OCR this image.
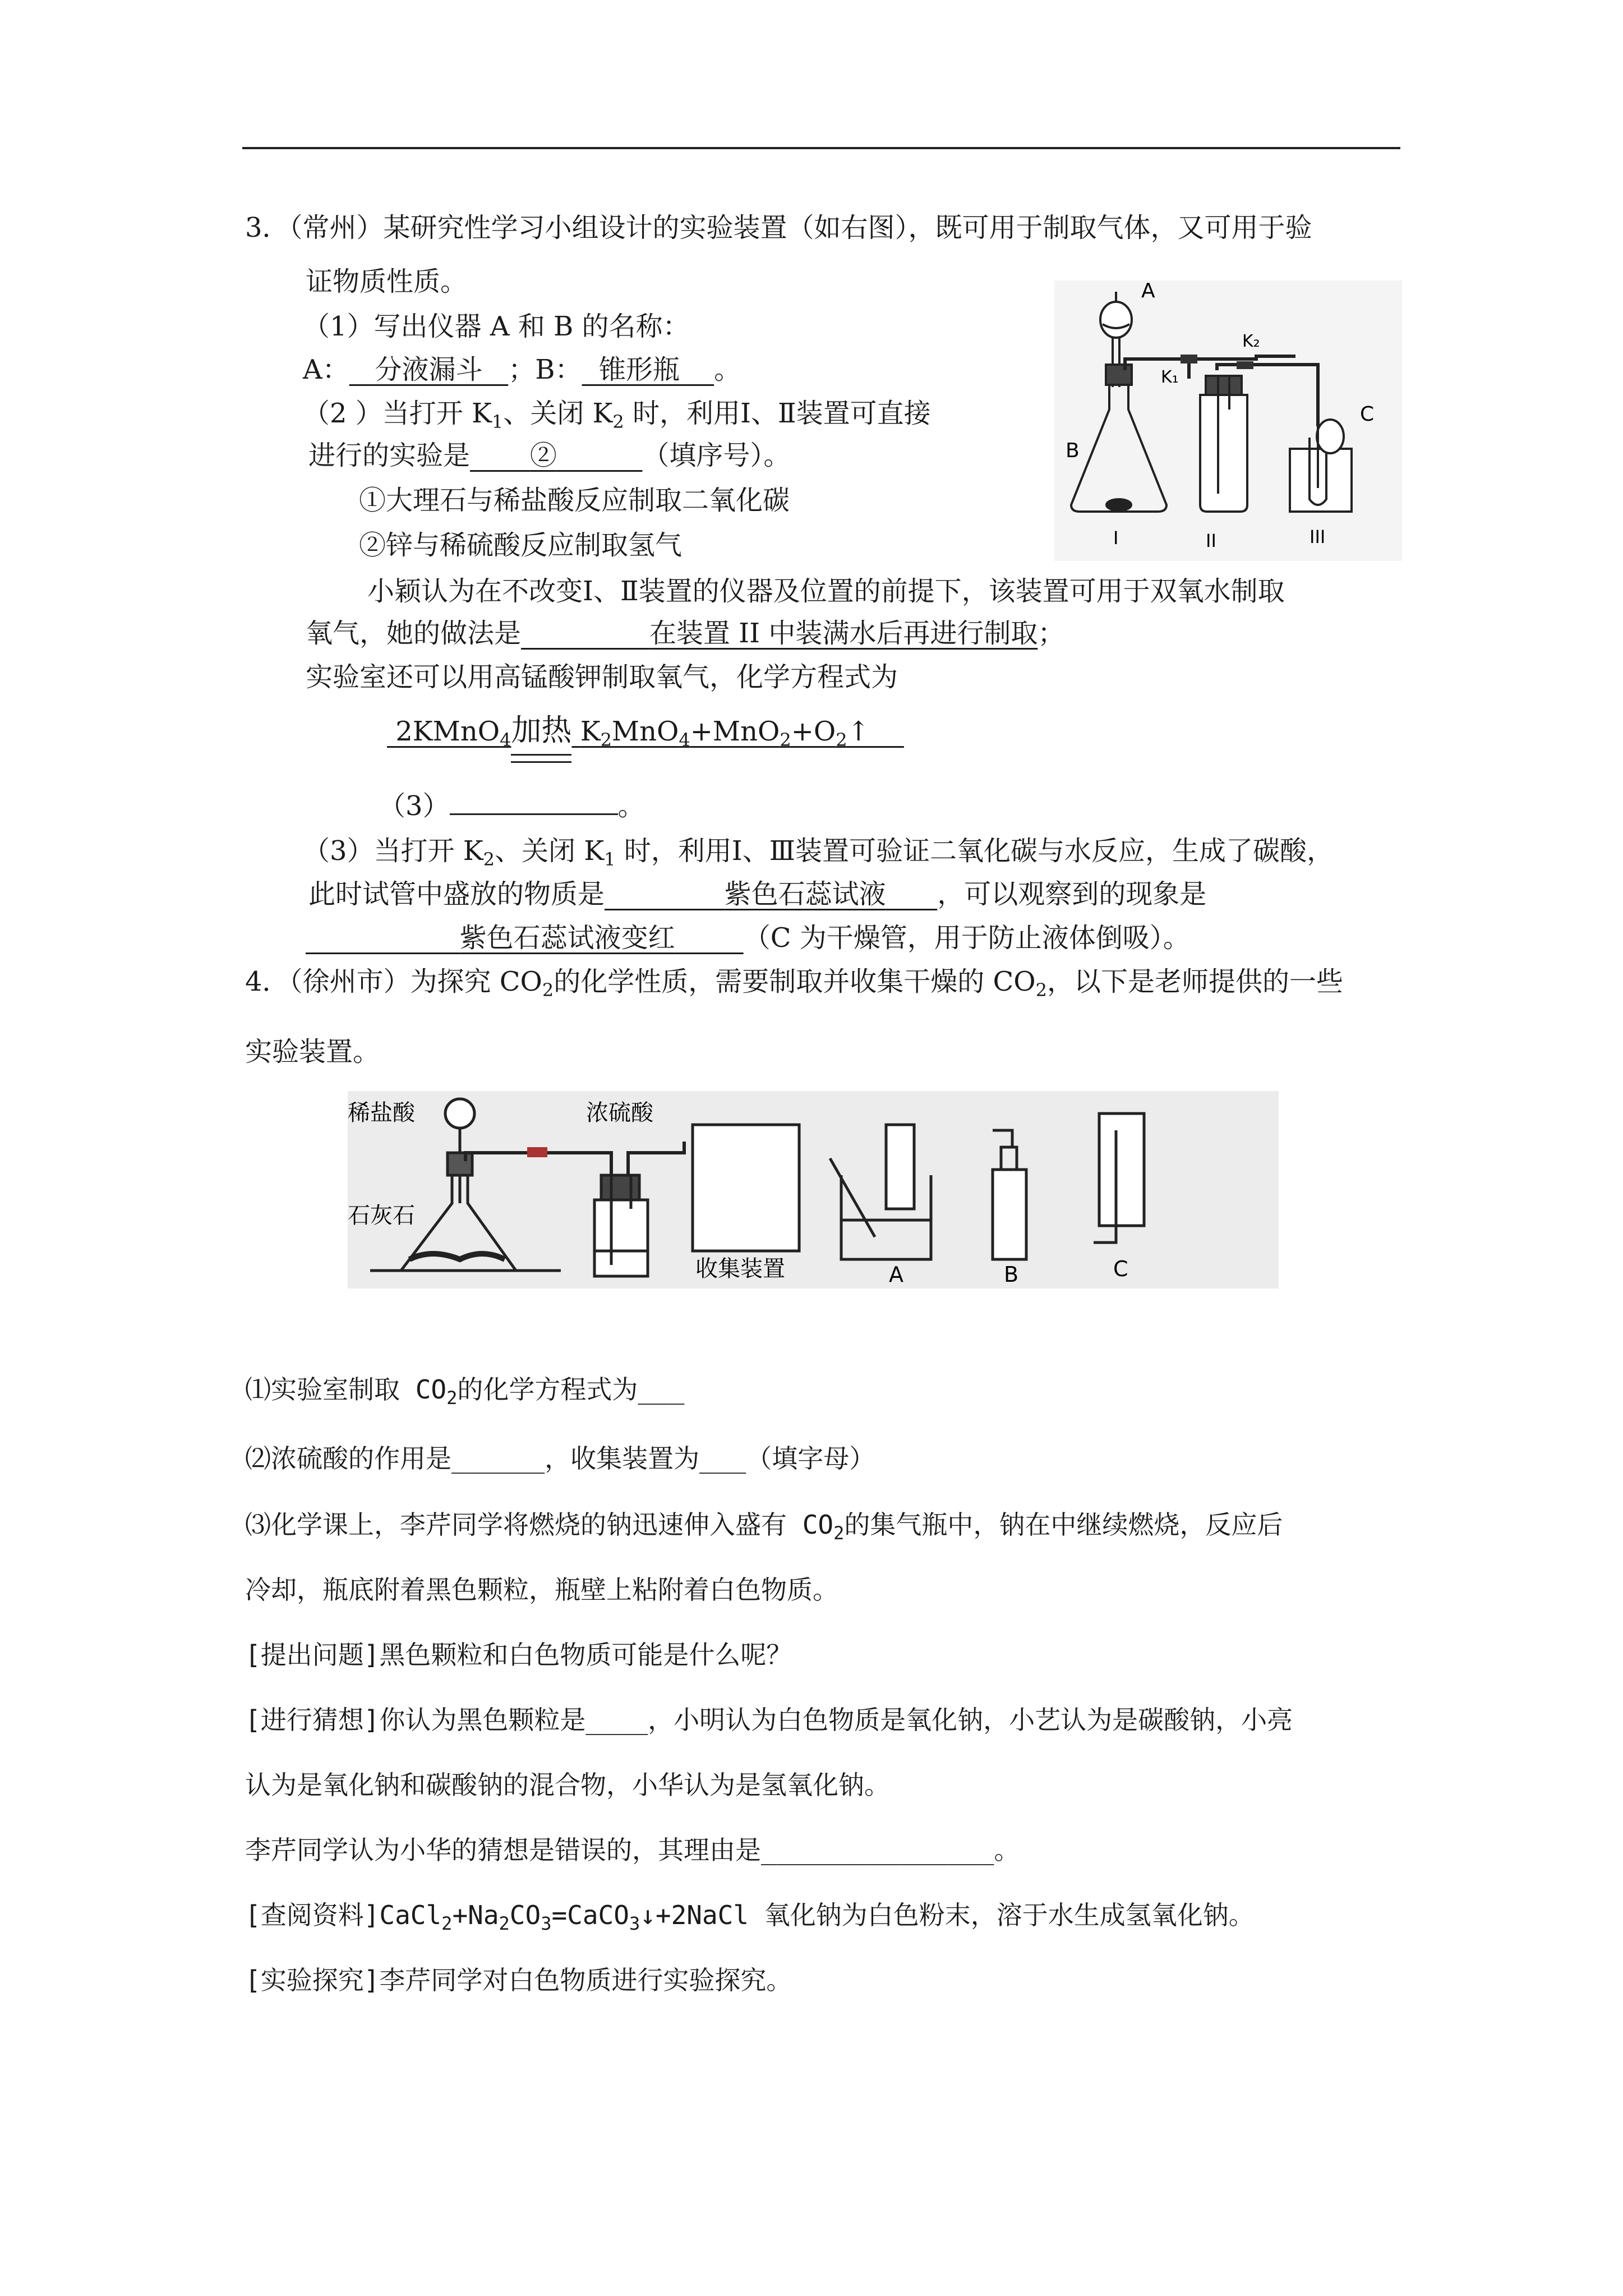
3．（常州）某研究性学习小组设计的实验装置（如右图），既可用于制取气体，又可用于验
证物质性质。
（1）写出仪器 A 和 B 的名称：
A： 分液漏斗 ；B： 锥形瓶 。
（2 ）当打开 $K_1$、关闭 $K_2$ 时，利用Ⅰ、Ⅱ装置可直接
进行的实验是 ②	（填序号）。
①大理石与稀盐酸反应制取二氧化碳
②锌与稀硫酸反应制取氢气
小颖认为在不改变Ⅰ、Ⅱ装置的仪器及位置的前提下，该装置可用于双氧水制取
氧气，她的做法是	在装置 II 中装满水后再进行制取；
实验室还可以用高锰酸钾制取氧气，化学方程式为
2KMnO$_4$加热 $K_2MnO_4+MnO_2+O_2↑$
（3）	。
（3）当打开 $K_2$、关闭 $K_1$ 时，利用Ⅰ、Ⅲ装置可验证二氧化碳与水反应，生成了碳酸，
此时试管中盛放的物质是	紫色石蕊试液 ，可以观察到的现象是
紫色石蕊试液变红	（C 为干燥管，用于防止液体倒吸）。
A
B
C
K₁
K₂
I	II	III
4．（徐州市）为探究 $CO_2$的化学性质，需要制取并收集干燥的 $CO_2$，以下是老师提供的一些
实验装置。
稀盐酸	浓硫酸
石灰石
收集装置	A	B	C
⑴实验室制取 $CO_2$的化学方程式为___
⑵浓硫酸的作用是______，收集装置为___（填字母）
⑶化学课上，李芹同学将燃烧的钠迅速伸入盛有 $CO_2$的集气瓶中，钠在中继续燃烧，反应后
冷却，瓶底附着黑色颗粒，瓶壁上粘附着白色物质。
[提出问题]黑色颗粒和白色物质可能是什么呢？
[进行猜想]你认为黑色颗粒是____，小明认为白色物质是氧化钠，小艺认为是碳酸钠，小亮
认为是氧化钠和碳酸钠的混合物，小华认为是氢氧化钠。
李芹同学认为小华的猜想是错误的，其理由是_______________。
[查阅资料]$CaCl_2+Na_2CO_3=CaCO_3↓+2NaCl$ 氧化钠为白色粉末，溶于水生成氢氧化钠。
[实验探究]李芹同学对白色物质进行实验探究。
